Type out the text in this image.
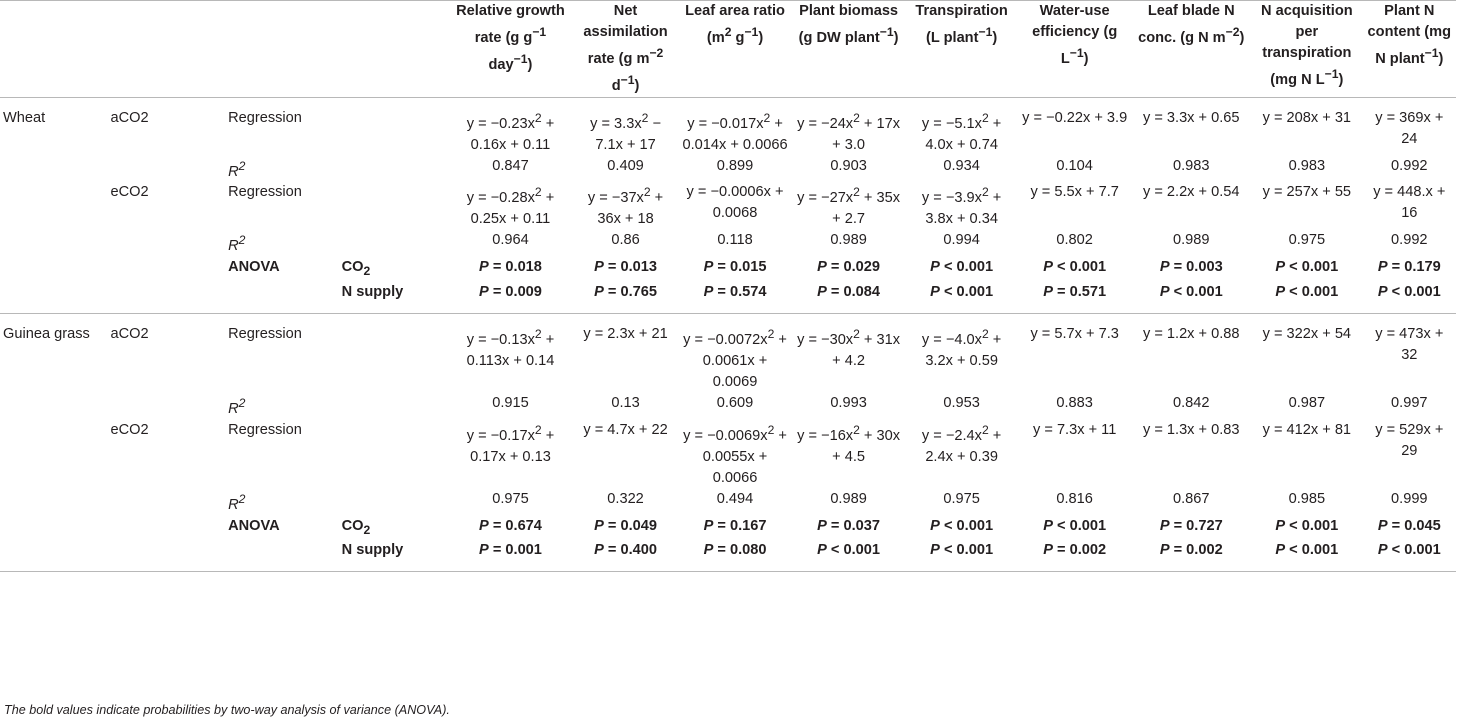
				Relative growth rate (g $g^{-1}$ day$^{-1}$)	Net assimilation rate (g $m^{-2}$ $d^{-1}$)	Leaf area ratio ($m^2$ $g^{-1}$)	Plant biomass (g DW plant$^{-1}$)	Transpiration (L plant$^{-1}$)	Water-use efficiency (g $L^{-1}$)	Leaf blade N conc. (g N $m^{-2}$)	N acquisition per transpiration (mg N $L^{-1}$)	Plant N content (mg N plant$^{-1}$)
Wheat	aCO2	Regression		$y = -0.23x^2 + 0.16x + 0.11$	$y = 3.3x^2 - 7.1x + 17$	$y = -0.017x^2 + 0.014x + 0.0066$	$y = -24x^2 + 17x + 3.0$	$y = -5.1x^2 + 4.0x + 0.74$	y = −0.22x + 3.9	y = 3.3x + 0.65	y = 208x + 31	y = 369x + 24
		$R^2$		0.847	0.409	0.899	0.903	0.934	0.104	0.983	0.983	0.992
	eCO2	Regression		$y = -0.28x^2 + 0.25x + 0.11$	$y = -37x^2 + 36x + 18$	y = −0.0006x + 0.0068	$y = -27x^2 + 35x + 2.7$	$y = -3.9x^2 + 3.8x + 0.34$	y = 5.5x + 7.7	y = 2.2x + 0.54	y = 257x + 55	y = 448.x + 16
		$R^2$		0.964	0.86	0.118	0.989	0.994	0.802	0.989	0.975	0.992
		ANOVA	$CO_2$	P = 0.018	P = 0.013	P = 0.015	P = 0.029	P < 0.001	P < 0.001	P = 0.003	P < 0.001	P = 0.179
			N supply	P = 0.009	P = 0.765	P = 0.574	P = 0.084	P < 0.001	P = 0.571	P < 0.001	P < 0.001	P < 0.001
Guinea grass	aCO2	Regression		$y = -0.13x^2 + 0.113x + 0.14$	y = 2.3x + 21	$y = -0.0072x^2 + 0.0061x + 0.0069$	$y = -30x^2 + 31x + 4.2$	$y = -4.0x^2 + 3.2x + 0.59$	y = 5.7x + 7.3	y = 1.2x + 0.88	y = 322x + 54	y = 473x + 32
		$R^2$		0.915	0.13	0.609	0.993	0.953	0.883	0.842	0.987	0.997
	eCO2	Regression		$y = -0.17x^2 + 0.17x + 0.13$	y = 4.7x + 22	$y = -0.0069x^2 + 0.0055x + 0.0066$	$y = -16x^2 + 30x + 4.5$	$y = -2.4x^2 + 2.4x + 0.39$	y = 7.3x + 11	y = 1.3x + 0.83	y = 412x + 81	y = 529x + 29
		$R^2$		0.975	0.322	0.494	0.989	0.975	0.816	0.867	0.985	0.999
		ANOVA	$CO_2$	P = 0.674	P = 0.049	P = 0.167	P = 0.037	P < 0.001	P < 0.001	P = 0.727	P < 0.001	P = 0.045
			N supply	P = 0.001	P = 0.400	P = 0.080	P < 0.001	P < 0.001	P = 0.002	P = 0.002	P < 0.001	P < 0.001
The bold values indicate probabilities by two-way analysis of variance (ANOVA).
